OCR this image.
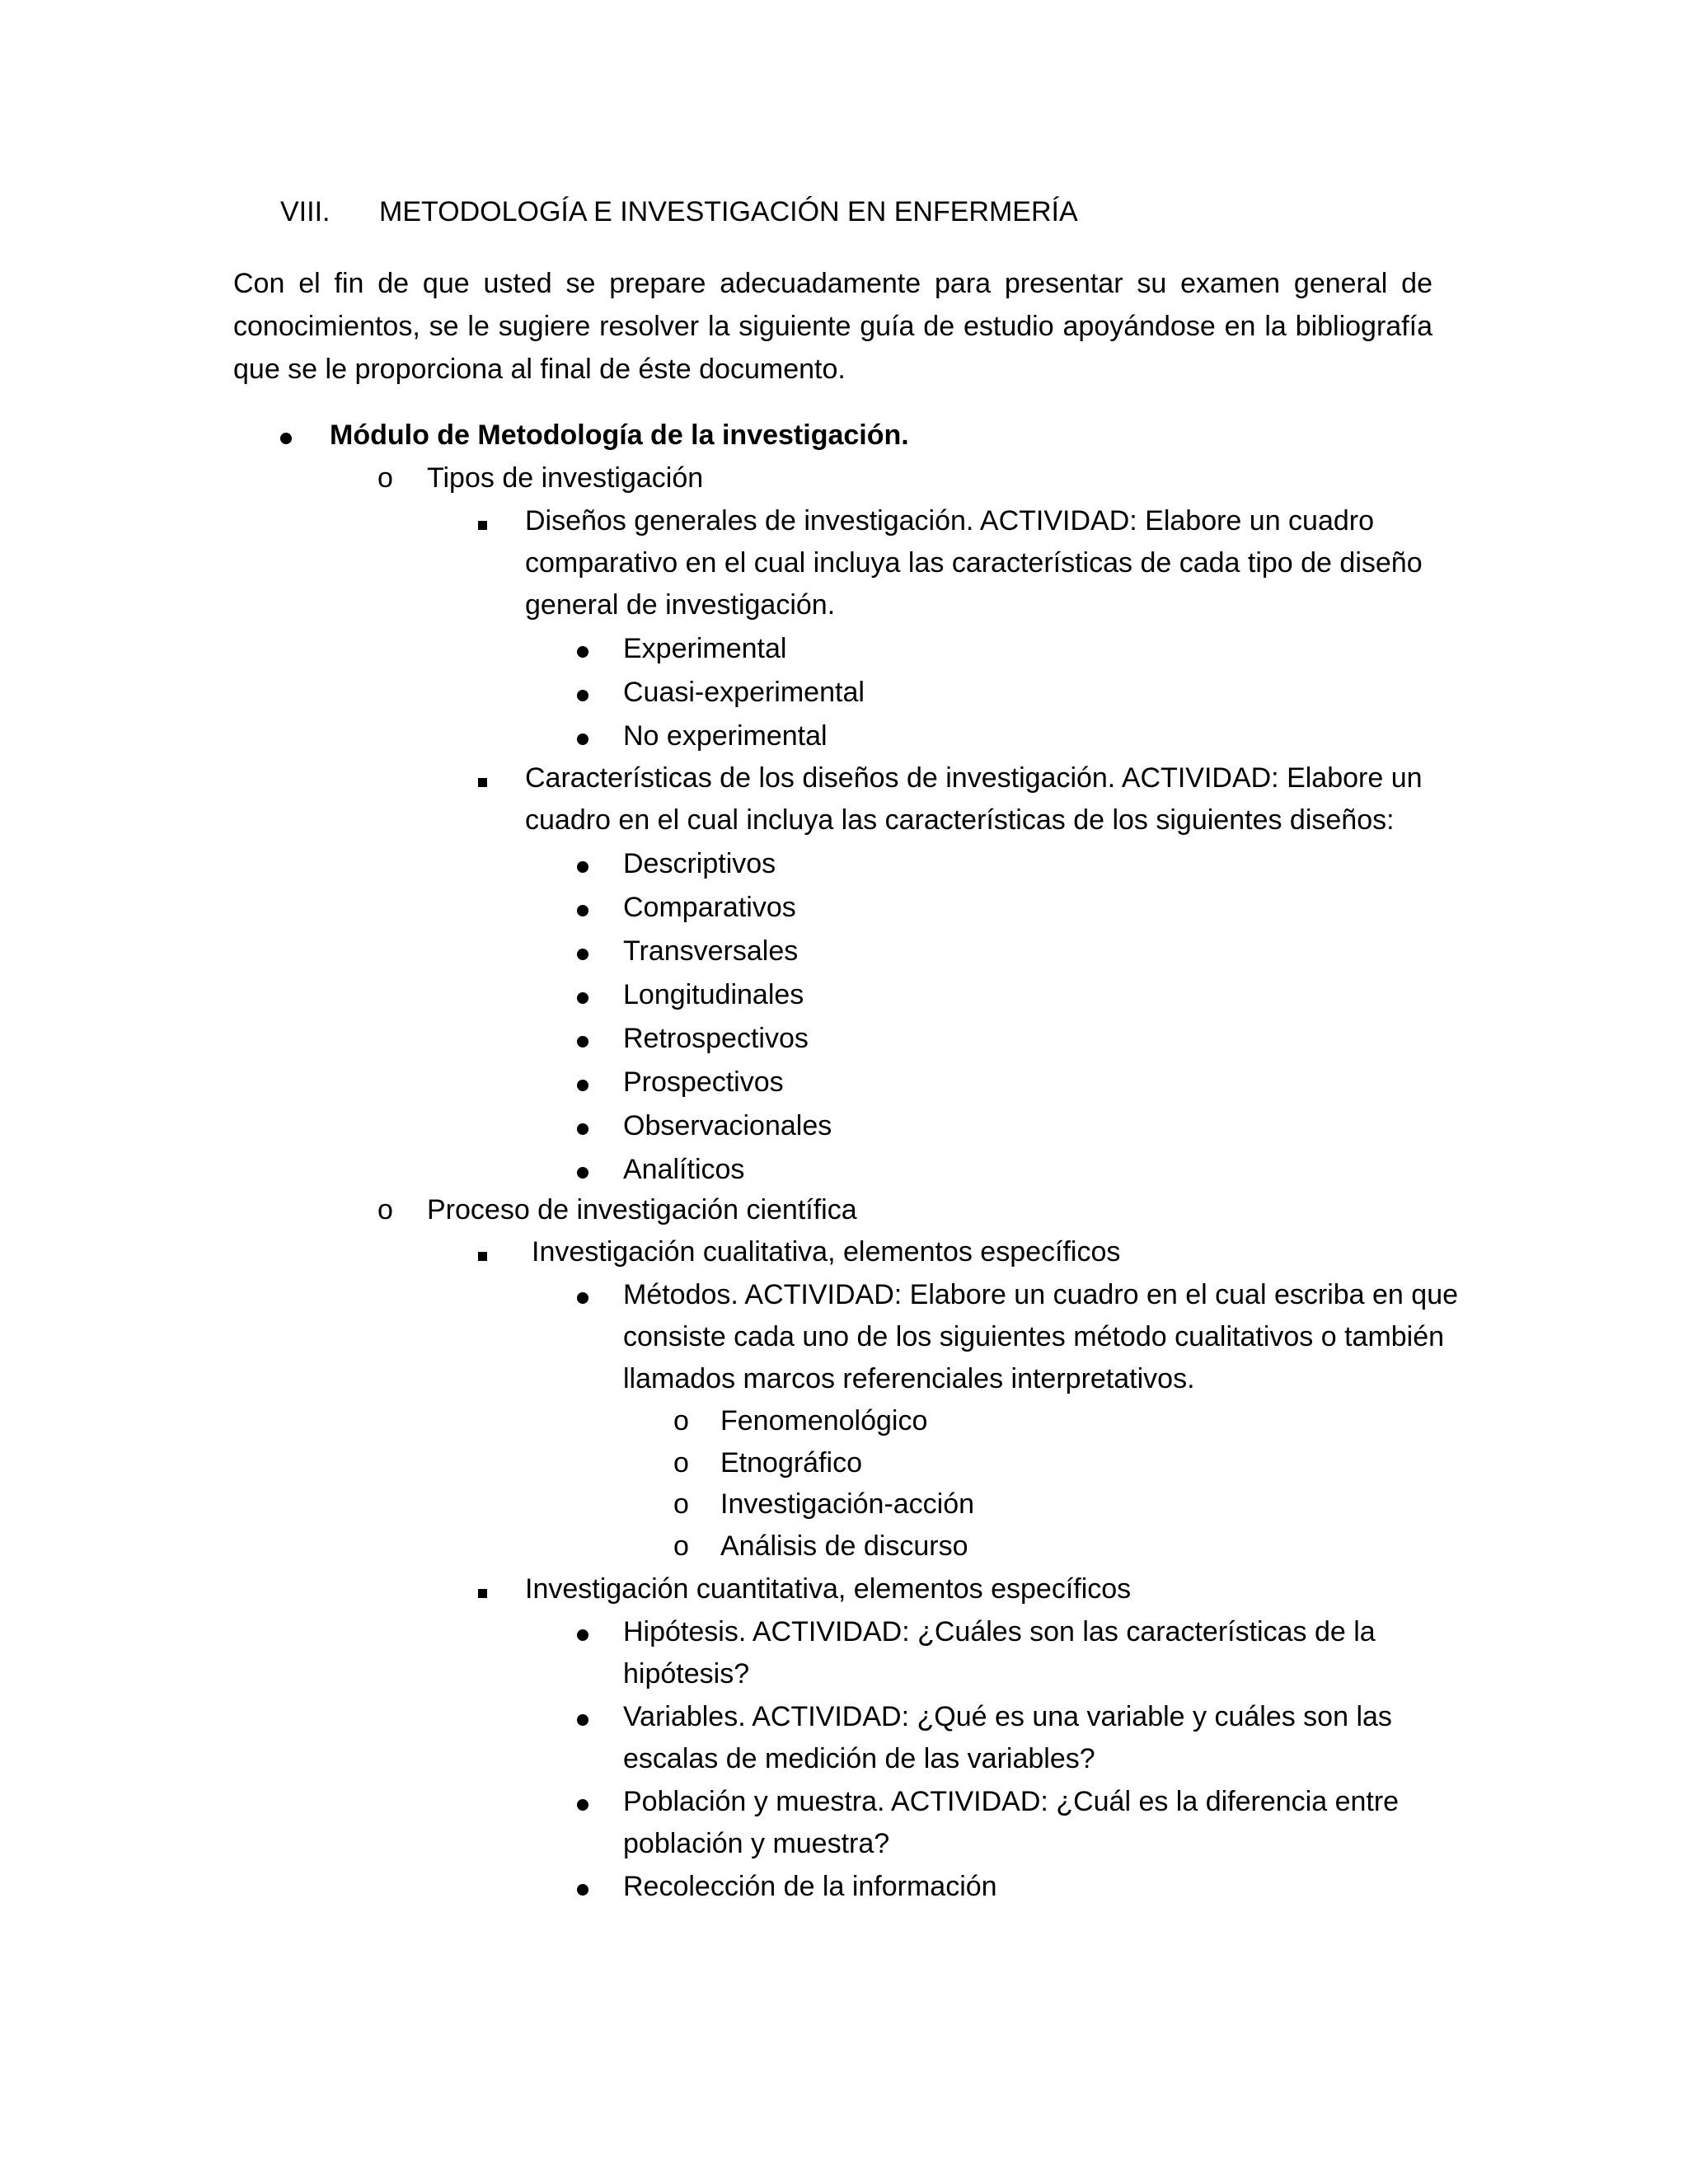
VIII. METODOLOGÍA E INVESTIGACIÓN EN ENFERMERÍA
Con el fin de que usted se prepare adecuadamente para presentar su examen general de
conocimientos, se le sugiere resolver la siguiente guía de estudio apoyándose en la bibliografía
que se le proporciona al final de éste documento.
Módulo de Metodología de la investigación.
o Tipos de investigación
Diseños generales de investigación. ACTIVIDAD: Elabore un cuadro
comparativo en el cual incluya las características de cada tipo de diseño
general de investigación.
Experimental
Cuasi-experimental
No experimental
Características de los diseños de investigación. ACTIVIDAD: Elabore un
cuadro en el cual incluya las características de los siguientes diseños:
Descriptivos
Comparativos
Transversales
Longitudinales
Retrospectivos
Prospectivos
Observacionales
Analíticos
o Proceso de investigación científica
Investigación cualitativa, elementos específicos
Métodos. ACTIVIDAD: Elabore un cuadro en el cual escriba en que
consiste cada uno de los siguientes método cualitativos o también
llamados marcos referenciales interpretativos.
o Fenomenológico
o Etnográfico
o Investigación-acción
o Análisis de discurso
Investigación cuantitativa, elementos específicos
Hipótesis. ACTIVIDAD: ¿Cuáles son las características de la
hipótesis?
Variables. ACTIVIDAD: ¿Qué es una variable y cuáles son las
escalas de medición de las variables?
Población y muestra. ACTIVIDAD: ¿Cuál es la diferencia entre
población y muestra?
Recolección de la información
